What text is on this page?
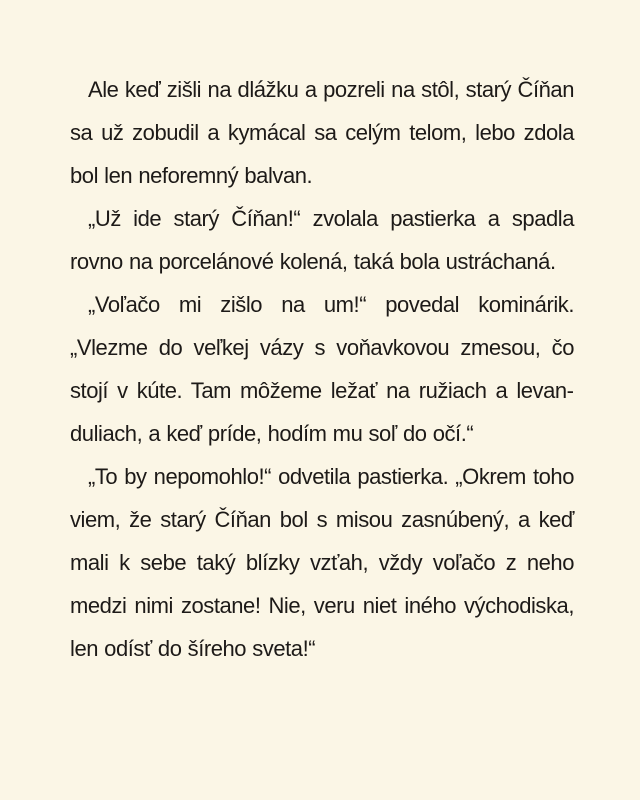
Ale keď zišli na dlážku a pozreli na stôl, starý Číňan sa už zobudil a kymácal sa celým telom, lebo zdola bol len neforemný balvan.

„Už ide starý Číňan!“ zvolala pastierka a spadla rovno na porcelánové kolená, taká bola ustráchaná.

„Voľačo mi zišlo na um!“ povedal kominárik. „Vlezme do veľkej vázy s voňavkovou zmesou, čo stojí v kúte. Tam môžeme ležať na ružiach a levanduliach, a keď príde, hodím mu soľ do očí.“

„To by nepomohlo!“ odvetila pastierka. „Okrem toho viem, že starý Číňan bol s misou zasnúbený, a keď mali k sebe taký blízky vzťah, vždy voľačo z neho medzi nimi zostane! Nie, veru niet iného východiska, len odísť do šíreho sveta!“
